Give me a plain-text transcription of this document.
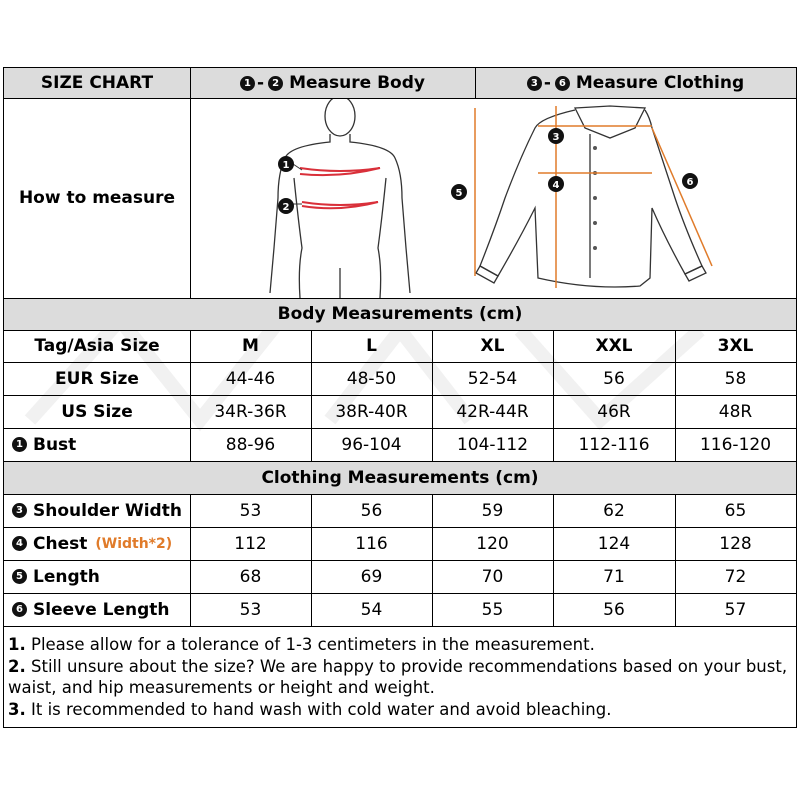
SIZE CHART	1 - 2 Measure Body	3 - 6 Measure Clothing
How to measure
1
2
5
3
4	6
Body Measurements (cm)
Tag/Asia Size	M	L	XL	XXL	3XL
EUR Size	44-46	48-50	52-54	56	58
US Size	34R-36R	38R-40R	42R-44R	46R	48R
1 Bust	88-96	96-104	104-112	112-116	116-120
Clothing Measurements (cm)
3 Shoulder Width	53	56	59	62	65
4 Chest (Width*2)	112	116	120	124	128
5 Length	68	69	70	71	72
6 Sleeve Length	53	54	55	56	57
1. Please allow for a tolerance of 1-3 centimeters in the measurement.
2. Still unsure about the size? We are happy to provide recommendations based on your bust, waist, and hip measurements or height and weight.
3. It is recommended to hand wash with cold water and avoid bleaching.
